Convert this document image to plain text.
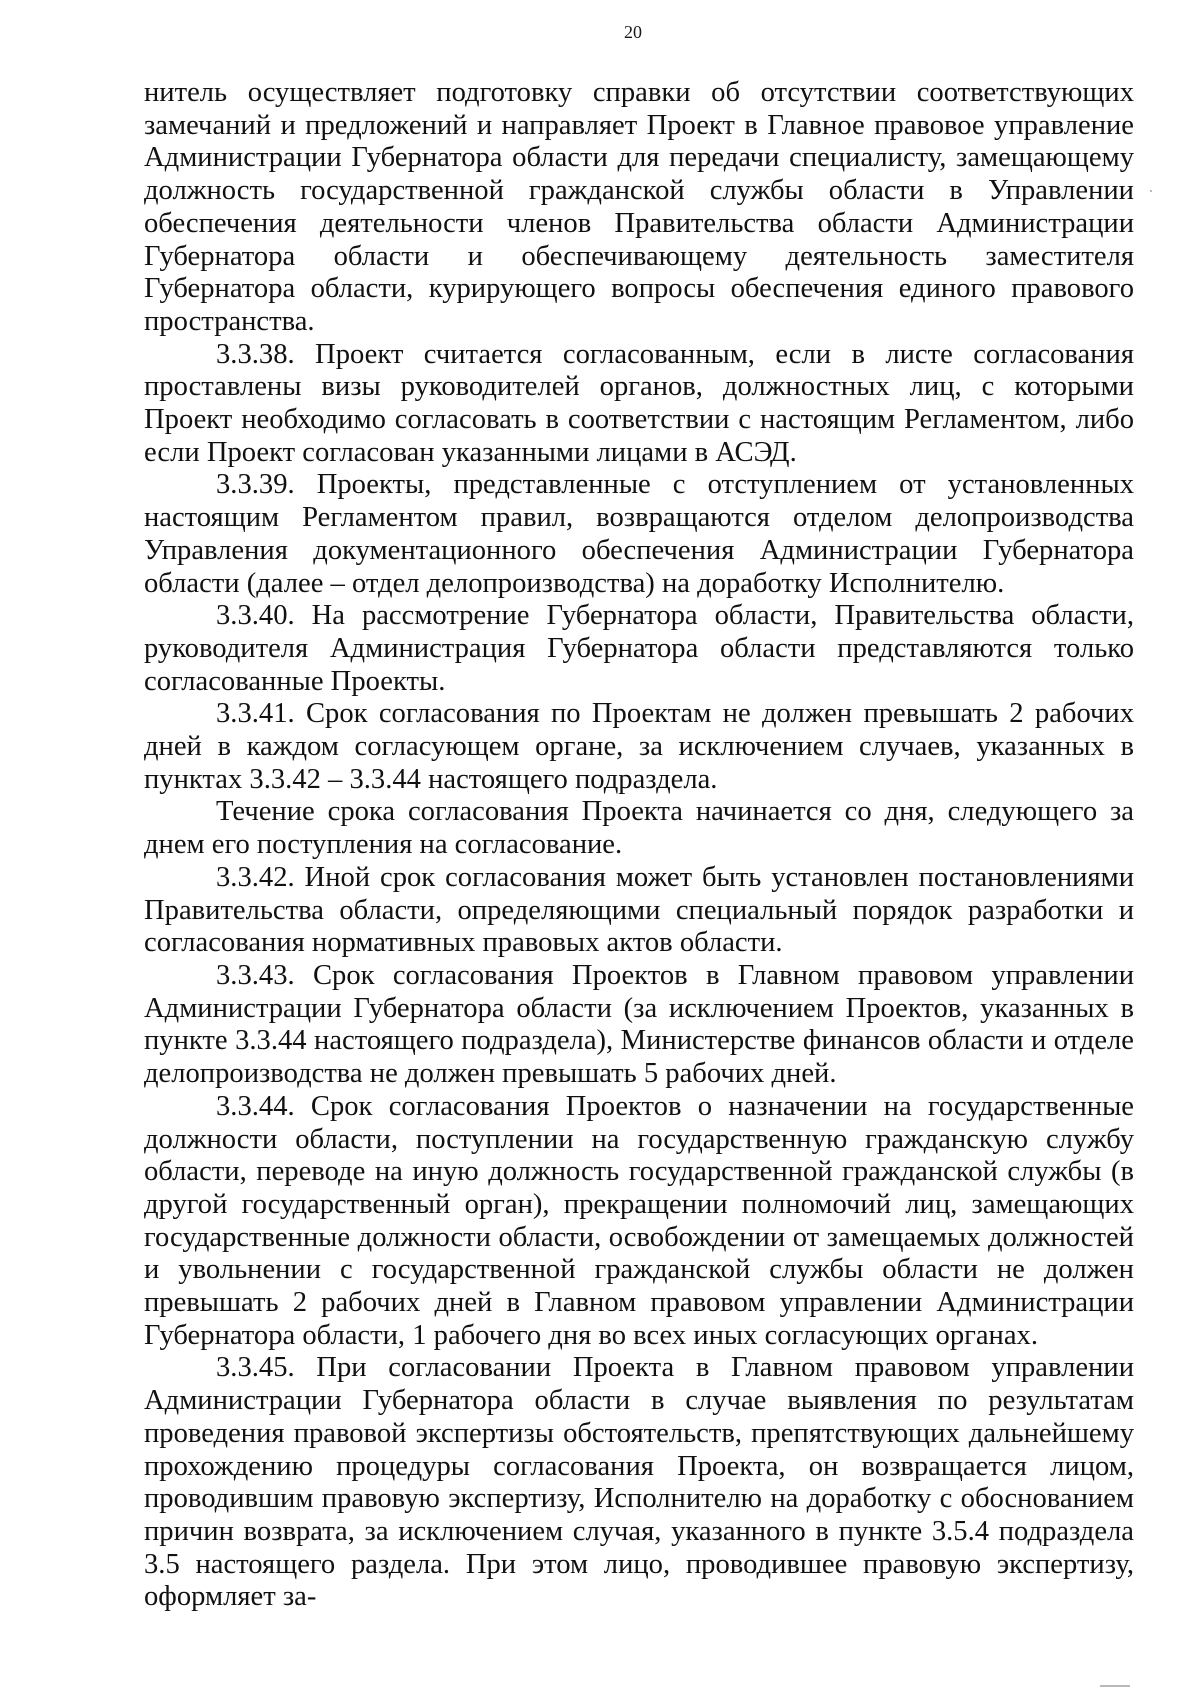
20

нитель осуществляет подготовку справки об отсутствии соответствующих замечаний и предложений и направляет Проект в Главное правовое управление Администрации Губернатора области для передачи специалисту, замещающему должность государственной гражданской службы области в Управлении обеспечения деятельности членов Правительства области Администрации Губернатора области и обеспечивающему деятельность заместителя Губернатора области, курирующего вопросы обеспечения единого правового пространства.

3.3.38. Проект считается согласованным, если в листе согласования проставлены визы руководителей органов, должностных лиц, с которыми Проект необходимо согласовать в соответствии с настоящим Регламентом, либо если Проект согласован указанными лицами в АСЭД.

3.3.39. Проекты, представленные с отступлением от установленных настоящим Регламентом правил, возвращаются отделом делопроизводства Управления документационного обеспечения Администрации Губернатора области (далее – отдел делопроизводства) на доработку Исполнителю.

3.3.40. На рассмотрение Губернатора области, Правительства области, руководителя Администрация Губернатора области представляются только согласованные Проекты.

3.3.41. Срок согласования по Проектам не должен превышать 2 рабочих дней в каждом согласующем органе, за исключением случаев, указанных в пунктах 3.3.42 – 3.3.44 настоящего подраздела.

Течение срока согласования Проекта начинается со дня, следующего за днем его поступления на согласование.

3.3.42. Иной срок согласования может быть установлен постановлениями Правительства области, определяющими специальный порядок разработки и согласования нормативных правовых актов области.

3.3.43. Срок согласования Проектов в Главном правовом управлении Администрации Губернатора области (за исключением Проектов, указанных в пункте 3.3.44 настоящего подраздела), Министерстве финансов области и отделе делопроизводства не должен превышать 5 рабочих дней.

3.3.44. Срок согласования Проектов о назначении на государственные должности области, поступлении на государственную гражданскую службу области, переводе на иную должность государственной гражданской службы (в другой государственный орган), прекращении полномочий лиц, замещающих государственные должности области, освобождении от замещаемых должностей и увольнении с государственной гражданской службы области не должен превышать 2 рабочих дней в Главном правовом управлении Администрации Губернатора области, 1 рабочего дня во всех иных согласующих органах.

3.3.45. При согласовании Проекта в Главном правовом управлении Администрации Губернатора области в случае выявления по результатам проведения правовой экспертизы обстоятельств, препятствующих дальнейшему прохождению процедуры согласования Проекта, он возвращается лицом, проводившим правовую экспертизу, Исполнителю на доработку с обоснованием причин возврата, за исключением случая, указанного в пункте 3.5.4 подраздела 3.5 настоящего раздела. При этом лицо, проводившее правовую экспертизу, оформляет за-
